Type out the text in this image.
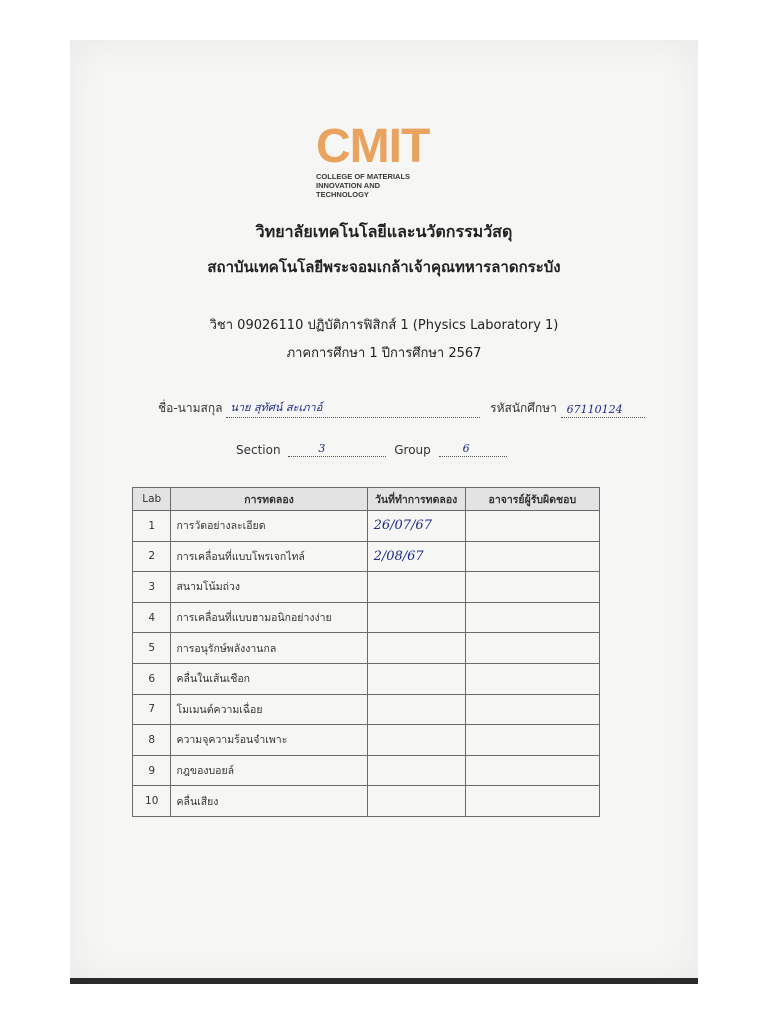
CMIT
COLLEGE OF MATERIALS
INNOVATION AND
TECHNOLOGY
วิทยาลัยเทคโนโลยีและนวัตกรรมวัสดุ
สถาบันเทคโนโลยีพระจอมเกล้าเจ้าคุณทหารลาดกระบัง
วิชา 09026110 ปฏิบัติการฟิสิกส์ 1 (Physics Laboratory 1)
ภาคการศึกษา 1 ปีการศึกษา 2567
ชื่อ-นามสกุล นาย สุทัศน์ สะเภาอ์	รหัสนักศึกษา 67110124
Section	3	Group	6
Lab	การทดลอง	วันที่ทำการทดลอง	อาจารย์ผู้รับผิดชอบ
1	การวัดอย่างละเอียด	26/07/67	
2	การเคลื่อนที่แบบโพรเจกไทล์	2/08/67	
3	สนามโน้มถ่วง		
4	การเคลื่อนที่แบบฮามอนิกอย่างง่าย		
5	การอนุรักษ์พลังงานกล		
6	คลื่นในเส้นเชือก		
7	โมเมนต์ความเฉื่อย		
8	ความจุความร้อนจำเพาะ		
9	กฎของบอยล์		
10	คลื่นเสียง		
